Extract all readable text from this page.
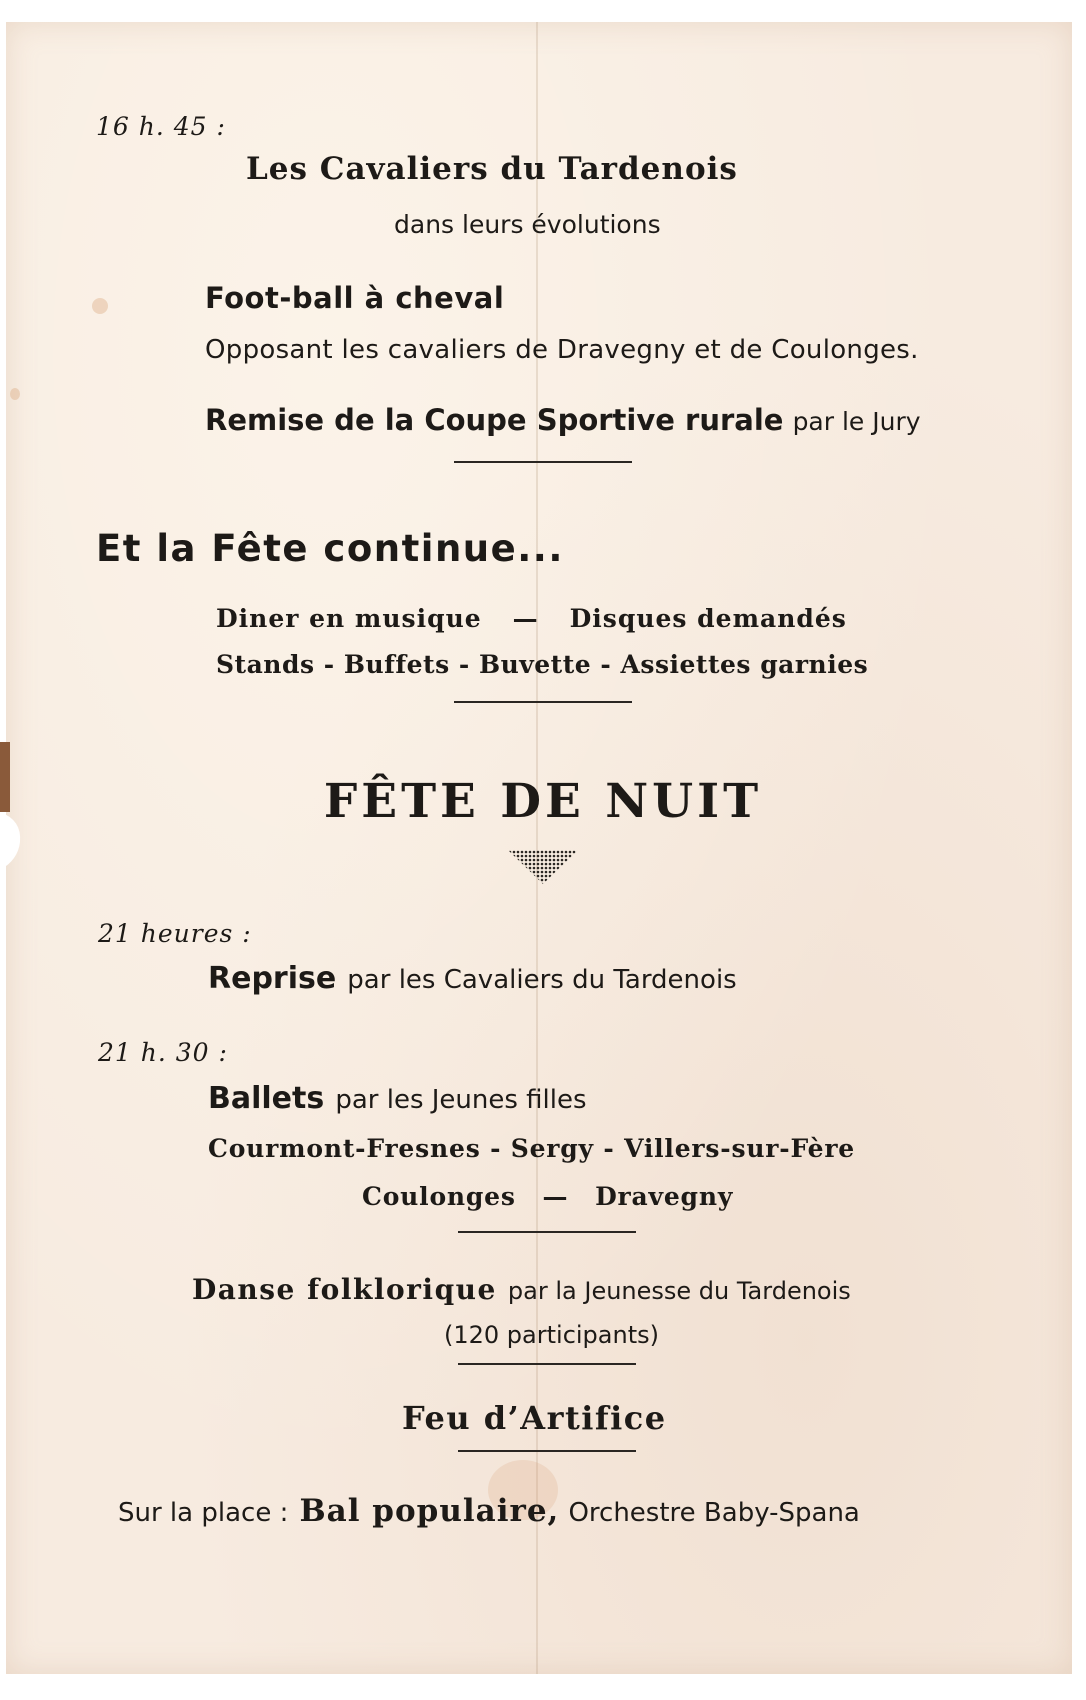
16 h. 45 :
Les Cavaliers du Tardenois
dans leurs évolutions
Foot-ball à cheval
Opposant les cavaliers de Dravegny et de Coulonges.
Remise de la Coupe Sportive rurale par le Jury
Et la Fête continue...
Diner en musique — Disques demandés
Stands - Buffets - Buvette - Assiettes garnies
FÊTE DE NUIT
21 heures :
Reprise par les Cavaliers du Tardenois
21 h. 30 :
Ballets par les Jeunes filles
Courmont-Fresnes - Sergy - Villers-sur-Fère
Coulonges — Dravegny
Danse folklorique par la Jeunesse du Tardenois
(120 participants)
Feu d’Artifice
Sur la place : Bal populaire, Orchestre Baby-Spana
